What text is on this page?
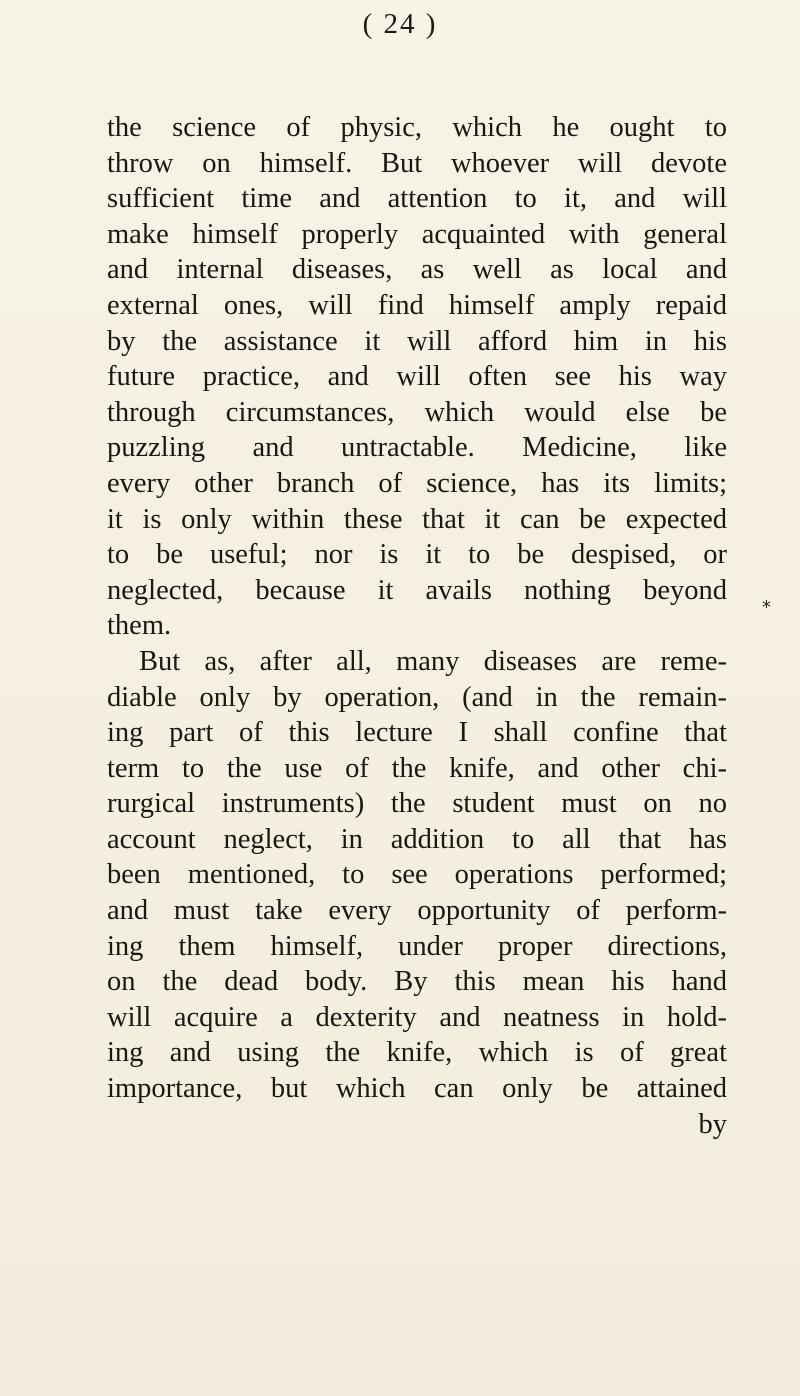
( 24 )
the science of physic, which he ought to
throw on himself. But whoever will devote
sufficient time and attention to it, and will
make himself properly acquainted with general
and internal diseases, as well as local and
external ones, will find himself amply repaid
by the assistance it will afford him in his
future practice, and will often see his way
through circumstances, which would else be
puzzling and untractable. Medicine, like
every other branch of science, has its limits;
it is only within these that it can be expected
to be useful; nor is it to be despised, or
neglected, because it avails nothing beyond
them.
But as, after all, many diseases are reme-
diable only by operation, (and in the remain-
ing part of this lecture I shall confine that
term to the use of the knife, and other chi-
rurgical instruments) the student must on no
account neglect, in addition to all that has
been mentioned, to see operations performed;
and must take every opportunity of perform-
ing them himself, under proper directions,
on the dead body. By this mean his hand
will acquire a dexterity and neatness in hold-
ing and using the knife, which is of great
importance, but which can only be attained
by
*
